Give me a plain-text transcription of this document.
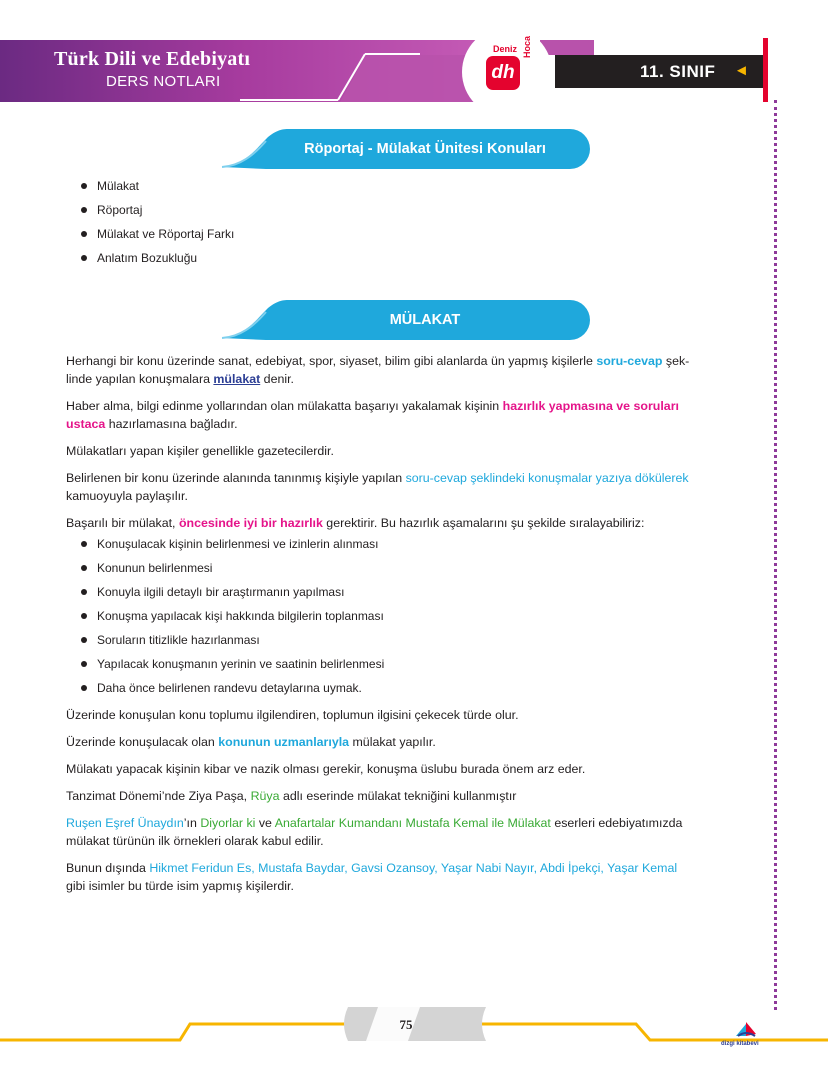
Türk Dili ve Edebiyatı
DERS NOTLARI
Deniz
dh
Hoca
11. SINIF ◄
Röportaj - Mülakat Ünitesi Konuları
Mülakat
Röportaj
Mülakat ve Röportaj Farkı
Anlatım Bozukluğu
MÜLAKAT

Herhangi bir konu üzerinde sanat, edebiyat, spor, siyaset, bilim gibi alanlarda ün yapmış kişilerle soru-cevap şek-
linde yapılan konuşmalara mülakat denir.

Haber alma, bilgi edinme yollarından olan mülakatta başarıyı yakalamak kişinin hazırlık yapmasına ve soruları
ustaca hazırlamasına bağladır.

Mülakatları yapan kişiler genellikle gazetecilerdir.

Belirlenen bir konu üzerinde alanında tanınmış kişiyle yapılan soru-cevap şeklindeki konuşmalar yazıya dökülerek
kamuoyuyla paylaşılır.

Başarılı bir mülakat, öncesinde iyi bir hazırlık gerektirir. Bu hazırlık aşamalarını şu şekilde sıralayabiliriz:

Konuşulacak kişinin belirlenmesi ve izinlerin alınması
Konunun belirlenmesi
Konuyla ilgili detaylı bir araştırmanın yapılması
Konuşma yapılacak kişi hakkında bilgilerin toplanması
Soruların titizlikle hazırlanması
Yapılacak konuşmanın yerinin ve saatinin belirlenmesi
Daha önce belirlenen randevu detaylarına uymak.

Üzerinde konuşulan konu toplumu ilgilendiren, toplumun ilgisini çekecek türde olur.

Üzerinde konuşulacak olan konunun uzmanlarıyla mülakat yapılır.

Mülakatı yapacak kişinin kibar ve nazik olması gerekir, konuşma üslubu burada önem arz eder.

Tanzimat Dönemi’nde Ziya Paşa, Rüya adlı eserinde mülakat tekniğini kullanmıştır

Ruşen Eşref Ünaydın’ın Diyorlar ki ve Anafartalar Kumandanı Mustafa Kemal ile Mülakat eserleri edebiyatımızda
mülakat türünün ilk örnekleri olarak kabul edilir.

Bunun dışında Hikmet Feridun Es, Mustafa Baydar, Gavsi Ozansoy, Yaşar Nabi Nayır, Abdi İpekçi, Yaşar Kemal
gibi isimler bu türde isim yapmış kişilerdir.

75
dizgi kitabevi
